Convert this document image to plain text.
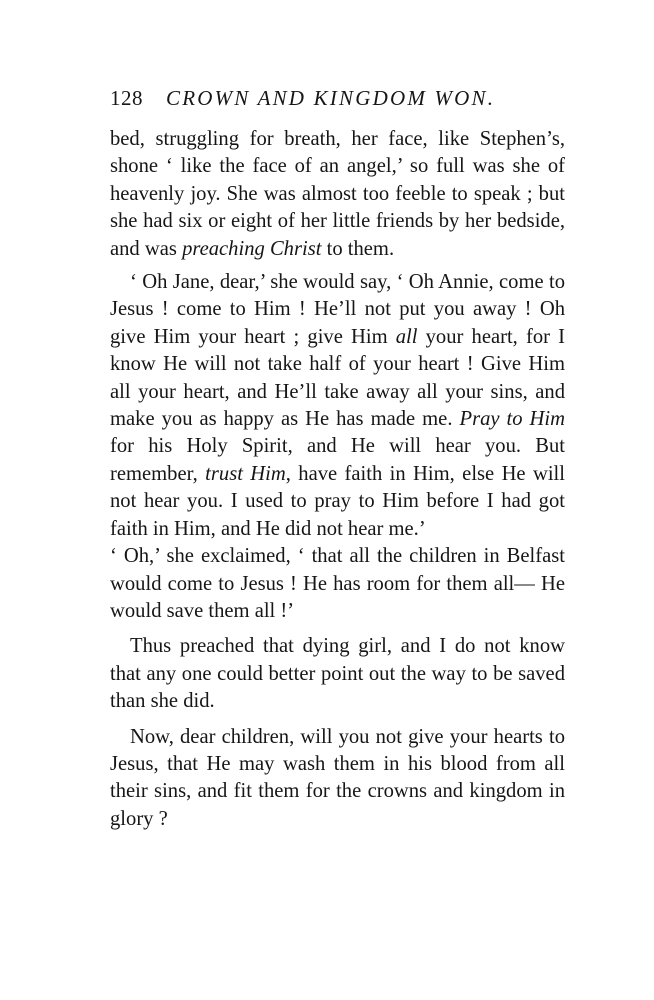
128 CROWN AND KINGDOM WON.

bed, struggling for breath, her face, like Stephen’s, shone ‘ like the face of an angel,’ so full was she of heavenly joy. She was almost too feeble to speak ; but she had six or eight of her little friends by her bedside, and was preaching Christ to them.

‘ Oh Jane, dear,’ she would say, ‘ Oh Annie, come to Jesus ! come to Him ! He’ll not put you away ! Oh give Him your heart ; give Him all your heart, for I know He will not take half of your heart ! Give Him all your heart, and He’ll take away all your sins, and make you as happy as He has made me. Pray to Him for his Holy Spirit, and He will hear you. But remember, trust Him, have faith in Him, else He will not hear you. I used to pray to Him before I had got faith in Him, and He did not hear me.’

‘ Oh,’ she exclaimed, ‘ that all the children in Belfast would come to Jesus ! He has room for them all— He would save them all !’

Thus preached that dying girl, and I do not know that any one could better point out the way to be saved than she did.

Now, dear children, will you not give your hearts to Jesus, that He may wash them in his blood from all their sins, and fit them for the crowns and kingdom in glory ?
